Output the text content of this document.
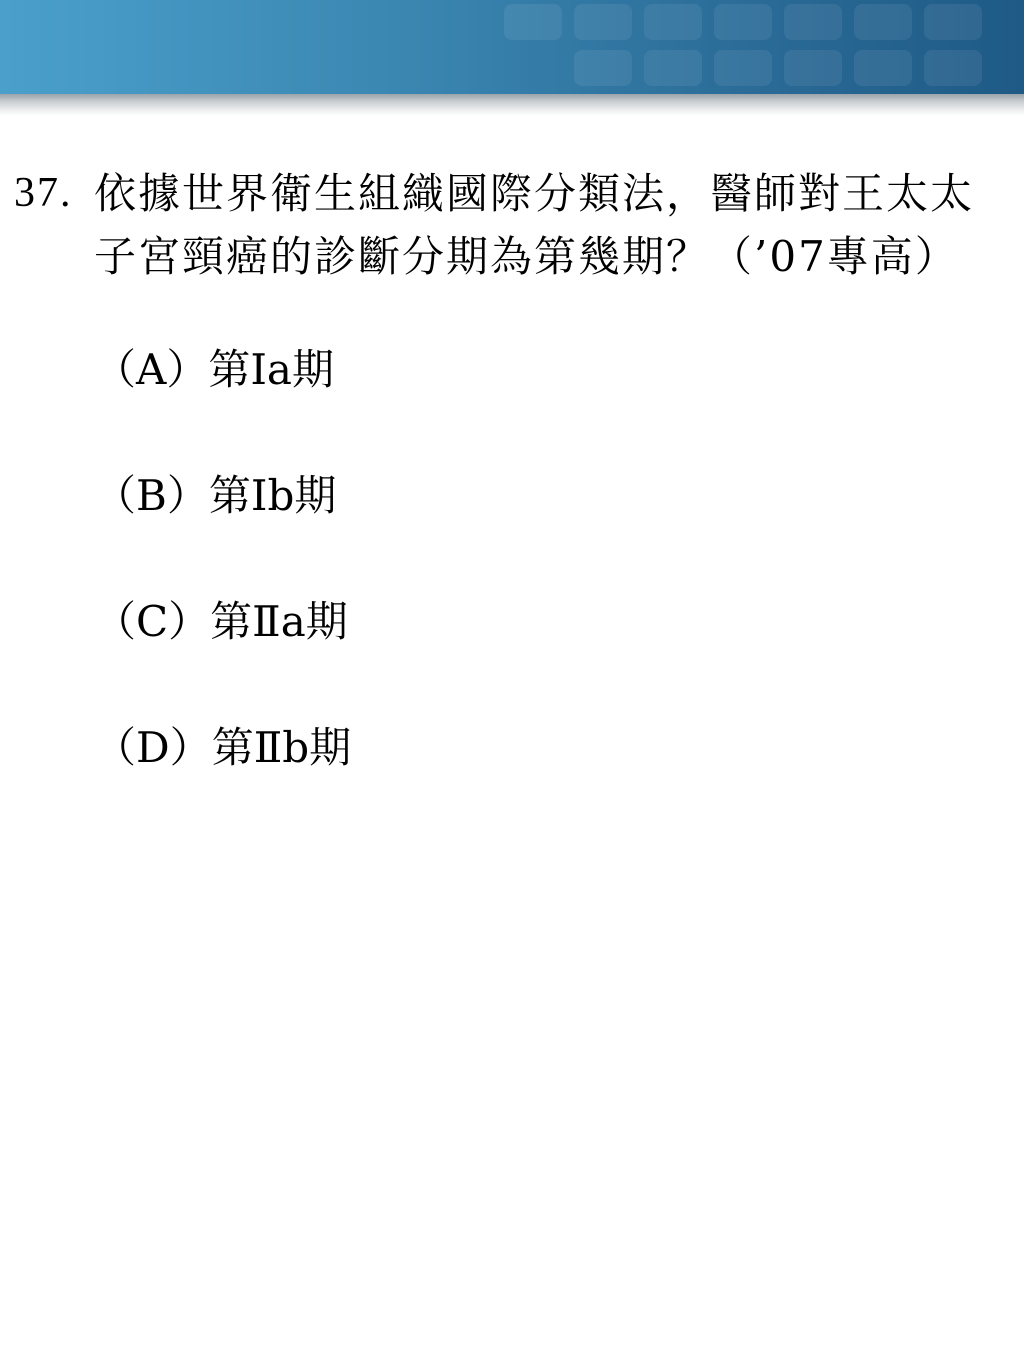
37. 依據世界衛生組織國際分類法，醫師對王太太子宮頸癌的診斷分期為第幾期？（’07專高）
（A）第Ⅰa期
（B）第Ⅰb期
（C）第Ⅱa期
（D）第Ⅱb期
